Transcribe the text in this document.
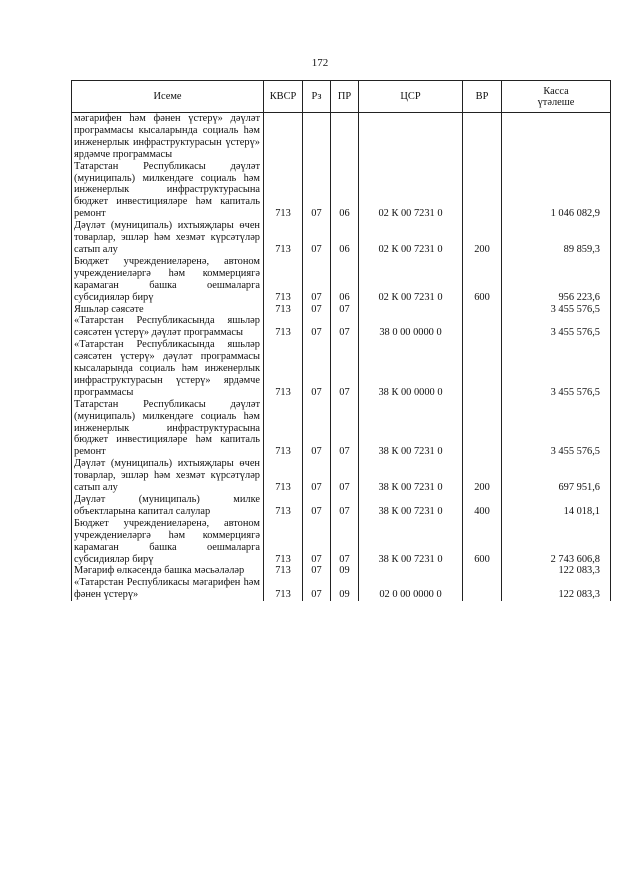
172
Исеме	КВСР	Рз	ПР	ЦСР	ВР	Касса
үтәлеше

мәгарифен һәм фәнен үстерү» дәүләт программасы кысаларында социаль һәм инженерлык инфраструктурасын үстерү» ярдәмче программасы						
Татарстан Республикасы дәүләт (муниципаль) милкендәге социаль һәм инженерлык инфраструктурасына бюджет инвестицияләре һәм капиталь ремонт	713	07	06	02 К 00 7231 0		1 046 082,9
Дәүләт (муниципаль) ихтыяҗлары өчен товарлар, эшләр һәм хезмәт күрсәтүләр сатып алу	713	07	06	02 К 00 7231 0	200	89 859,3
Бюджет учреждениеләренә, автоном учреждениеләргә һәм коммерциягә карамаган башка оешмаларга субсидияләр бирү	713	07	06	02 К 00 7231 0	600	956 223,6
Яшьләр сәясәте	713	07	07			3 455 576,5
«Татарстан Республикасында яшьләр сәясәтен үстерү» дәүләт программасы	713	07	07	38 0 00 0000 0		3 455 576,5
«Татарстан Республикасында яшьләр сәясәтен үстерү» дәүләт программасы кысаларында социаль һәм инженерлык инфраструктурасын үстерү» ярдәмче программасы	713	07	07	38 К 00 0000 0		3 455 576,5
Татарстан Республикасы дәүләт (муниципаль) милкендәге социаль һәм инженерлык инфраструктурасына бюджет инвестицияләре һәм капиталь ремонт	713	07	07	38 К 00 7231 0		3 455 576,5
Дәүләт (муниципаль) ихтыяҗлары өчен товарлар, эшләр һәм хезмәт күрсәтүләр сатып алу	713	07	07	38 К 00 7231 0	200	697 951,6
Дәүләт (муниципаль) милке объектларына капитал салулар	713	07	07	38 К 00 7231 0	400	14 018,1
Бюджет учреждениеләренә, автоном учреждениеләргә һәм коммерциягә карамаган башка оешмаларга субсидияләр бирү	713	07	07	38 К 00 7231 0	600	2 743 606,8
Мәгариф өлкәсендә башка мәсьәләләр	713	07	09			122 083,3
«Татарстан Республикасы мәгарифен һәм фәнен үстерү»	713	07	09	02 0 00 0000 0		122 083,3
